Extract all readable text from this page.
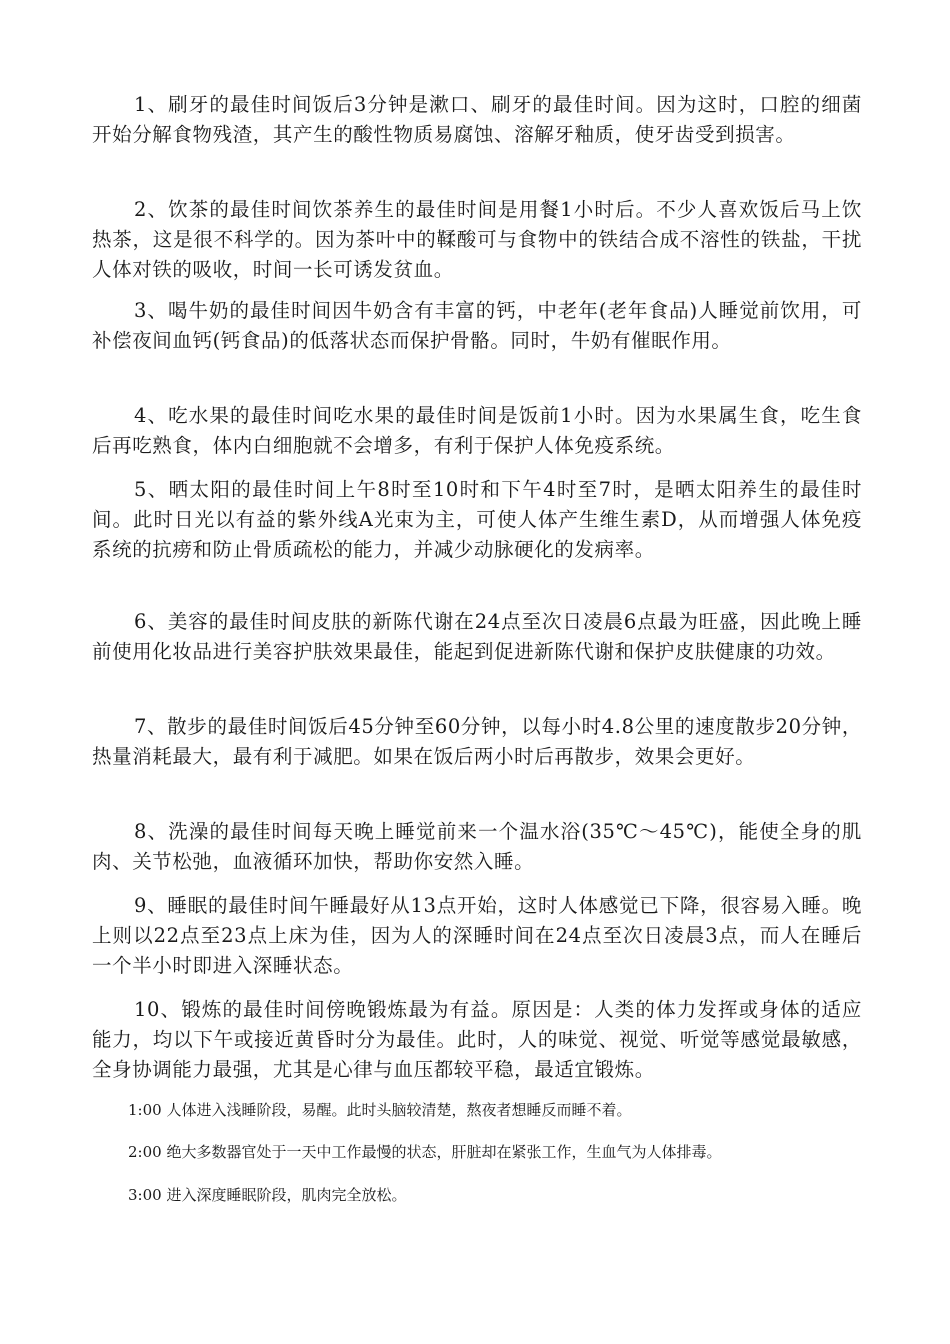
1、刷牙的最佳时间饭后3分钟是漱口、刷牙的最佳时间。因为这时，口腔的细菌开始分解食物残渣，其产生的酸性物质易腐蚀、溶解牙釉质，使牙齿受到损害。

2、饮茶的最佳时间饮茶养生的最佳时间是用餐1小时后。不少人喜欢饭后马上饮热茶，这是很不科学的。因为茶叶中的鞣酸可与食物中的铁结合成不溶性的铁盐，干扰人体对铁的吸收，时间一长可诱发贫血。

3、喝牛奶的最佳时间因牛奶含有丰富的钙，中老年(老年食品)人睡觉前饮用，可补偿夜间血钙(钙食品)的低落状态而保护骨骼。同时，牛奶有催眠作用。

4、吃水果的最佳时间吃水果的最佳时间是饭前1小时。因为水果属生食，吃生食后再吃熟食，体内白细胞就不会增多，有利于保护人体免疫系统。

5、晒太阳的最佳时间上午8时至10时和下午4时至7时，是晒太阳养生的最佳时间。此时日光以有益的紫外线A光束为主，可使人体产生维生素D，从而增强人体免疫系统的抗痨和防止骨质疏松的能力，并减少动脉硬化的发病率。

6、美容的最佳时间皮肤的新陈代谢在24点至次日凌晨6点最为旺盛，因此晚上睡前使用化妆品进行美容护肤效果最佳，能起到促进新陈代谢和保护皮肤健康的功效。

7、散步的最佳时间饭后45分钟至60分钟，以每小时4.8公里的速度散步20分钟，热量消耗最大，最有利于减肥。如果在饭后两小时后再散步，效果会更好。

8、洗澡的最佳时间每天晚上睡觉前来一个温水浴(35℃～45℃)，能使全身的肌肉、关节松弛，血液循环加快，帮助你安然入睡。

9、睡眠的最佳时间午睡最好从13点开始，这时人体感觉已下降，很容易入睡。晚上则以22点至23点上床为佳，因为人的深睡时间在24点至次日凌晨3点，而人在睡后一个半小时即进入深睡状态。

10、锻炼的最佳时间傍晚锻炼最为有益。原因是：人类的体力发挥或身体的适应能力，均以下午或接近黄昏时分为最佳。此时，人的味觉、视觉、听觉等感觉最敏感，全身协调能力最强，尤其是心律与血压都较平稳，最适宜锻炼。

1:00 人体进入浅睡阶段，易醒。此时头脑较清楚，熬夜者想睡反而睡不着。

2:00 绝大多数器官处于一天中工作最慢的状态，肝脏却在紧张工作，生血气为人体排毒。

3:00 进入深度睡眠阶段，肌肉完全放松。
